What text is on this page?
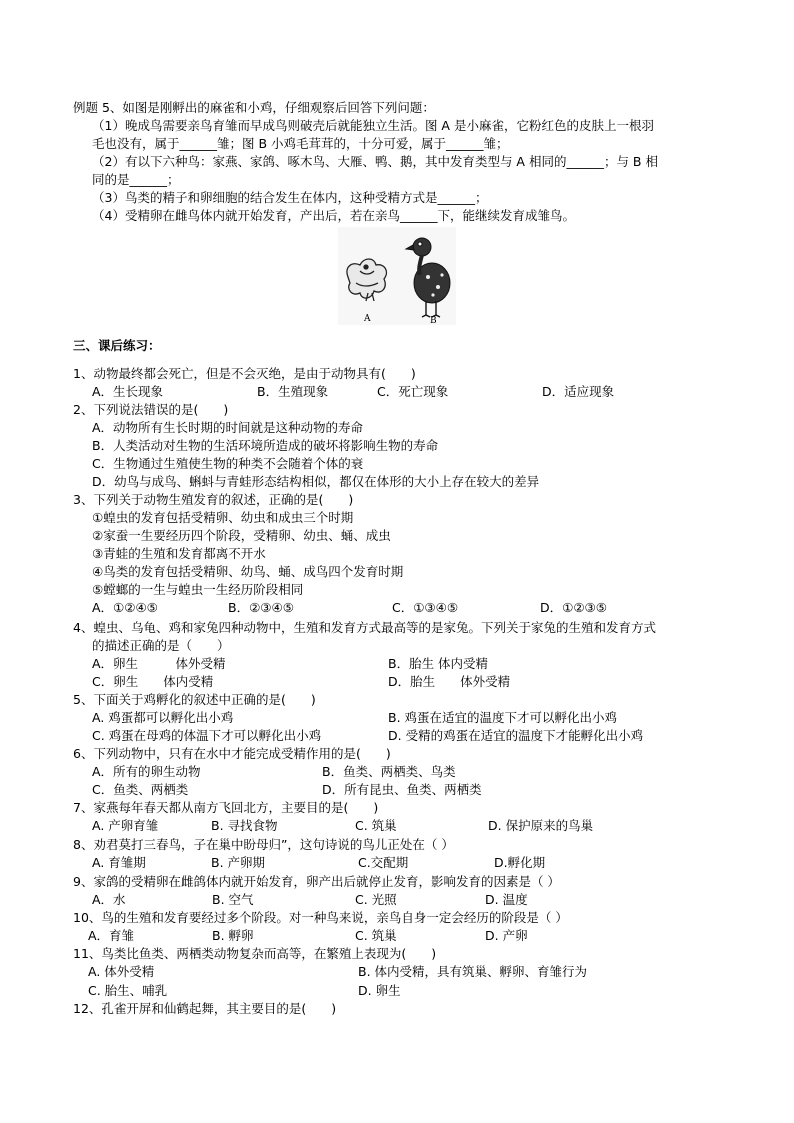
例题 5、如图是刚孵出的麻雀和小鸡，仔细观察后回答下列问题：
（1）晚成鸟需要亲鸟育雏而早成鸟则破壳后就能独立生活。图 A 是小麻雀，它粉红色的皮肤上一根羽
毛也没有，属于______雏；图 B 小鸡毛茸茸的，十分可爱，属于______雏；
（2）有以下六种鸟：家燕、家鸽、啄木鸟、大雁、鸭、鹅，其中发育类型与 A 相同的______；与 B 相
同的是______；
（3）鸟类的精子和卵细胞的结合发生在体内，这种受精方式是______；
（4）受精卵在雌鸟体内就开始发育，产出后，若在亲鸟______下，能继续发育成雏鸟。
A	B
三、课后练习：
1、动物最终都会死亡，但是不会灭绝，是由于动物具有(　　)
A．生长现象	B．生殖现象	C．死亡现象	D．适应现象
2、下列说法错误的是(　　)
A．动物所有生长时期的时间就是这种动物的寿命
B．人类活动对生物的生活环境所造成的破坏将影响生物的寿命
C．生物通过生殖使生物的种类不会随着个体的衰
D．幼鸟与成鸟、蝌蚪与青蛙形态结构相似，都仅在体形的大小上存在较大的差异
3、下列关于动物生殖发育的叙述，正确的是(　　)
①蝗虫的发育包括受精卵、幼虫和成虫三个时期
②家蚕一生要经历四个阶段，受精卵、幼虫、蛹、成虫
③青蛙的生殖和发育都离不开水
④鸟类的发育包括受精卵、幼鸟、蛹、成鸟四个发育时期
⑤螳螂的一生与蝗虫一生经历阶段相同
A．①②④⑤	B．②③④⑤	C．①③④⑤	D．①②③⑤
4、蝗虫、乌龟、鸡和家兔四种动物中，生殖和发育方式最高等的是家兔。下列关于家兔的生殖和发育方式
的描述正确的是（　　）
A．卵生　　　体外受精	B．胎生 体内受精
C．卵生　　体内受精	D．胎生　　体外受精
5、下面关于鸡孵化的叙述中正确的是(　　)
A. 鸡蛋都可以孵化出小鸡	B. 鸡蛋在适宜的温度下才可以孵化出小鸡
C. 鸡蛋在母鸡的体温下才可以孵化出小鸡	D. 受精的鸡蛋在适宜的温度下才能孵化出小鸡
6、下列动物中，只有在水中才能完成受精作用的是(　　)
A．所有的卵生动物	B．鱼类、两栖类、鸟类
C．鱼类、两栖类	D．所有昆虫、鱼类、两栖类
7、家燕每年春天都从南方飞回北方，主要目的是(　　)
A. 产卵育雏	B. 寻找食物	C. 筑巢	D. 保护原来的鸟巢
8、劝君莫打三春鸟，子在巢中盼母归”，这句诗说的鸟儿正处在（ ）
A. 育雏期	B. 产卵期	C.交配期	D.孵化期
9、家鸽的受精卵在雌鸽体内就开始发育，卵产出后就停止发育，影响发育的因素是（ ）
A．水	B. 空气	C. 光照	D. 温度
10、鸟的生殖和发育要经过多个阶段。对一种鸟来说，亲鸟自身一定会经历的阶段是（ ）
A．育雏	B. 孵卵	C. 筑巢	D. 产卵
11、鸟类比鱼类、两栖类动物复杂而高等，在繁殖上表现为(　　)
A. 体外受精	B. 体内受精，具有筑巢、孵卵、育雏行为
C. 胎生、哺乳	D. 卵生
12、孔雀开屏和仙鹤起舞，其主要目的是(　　)
